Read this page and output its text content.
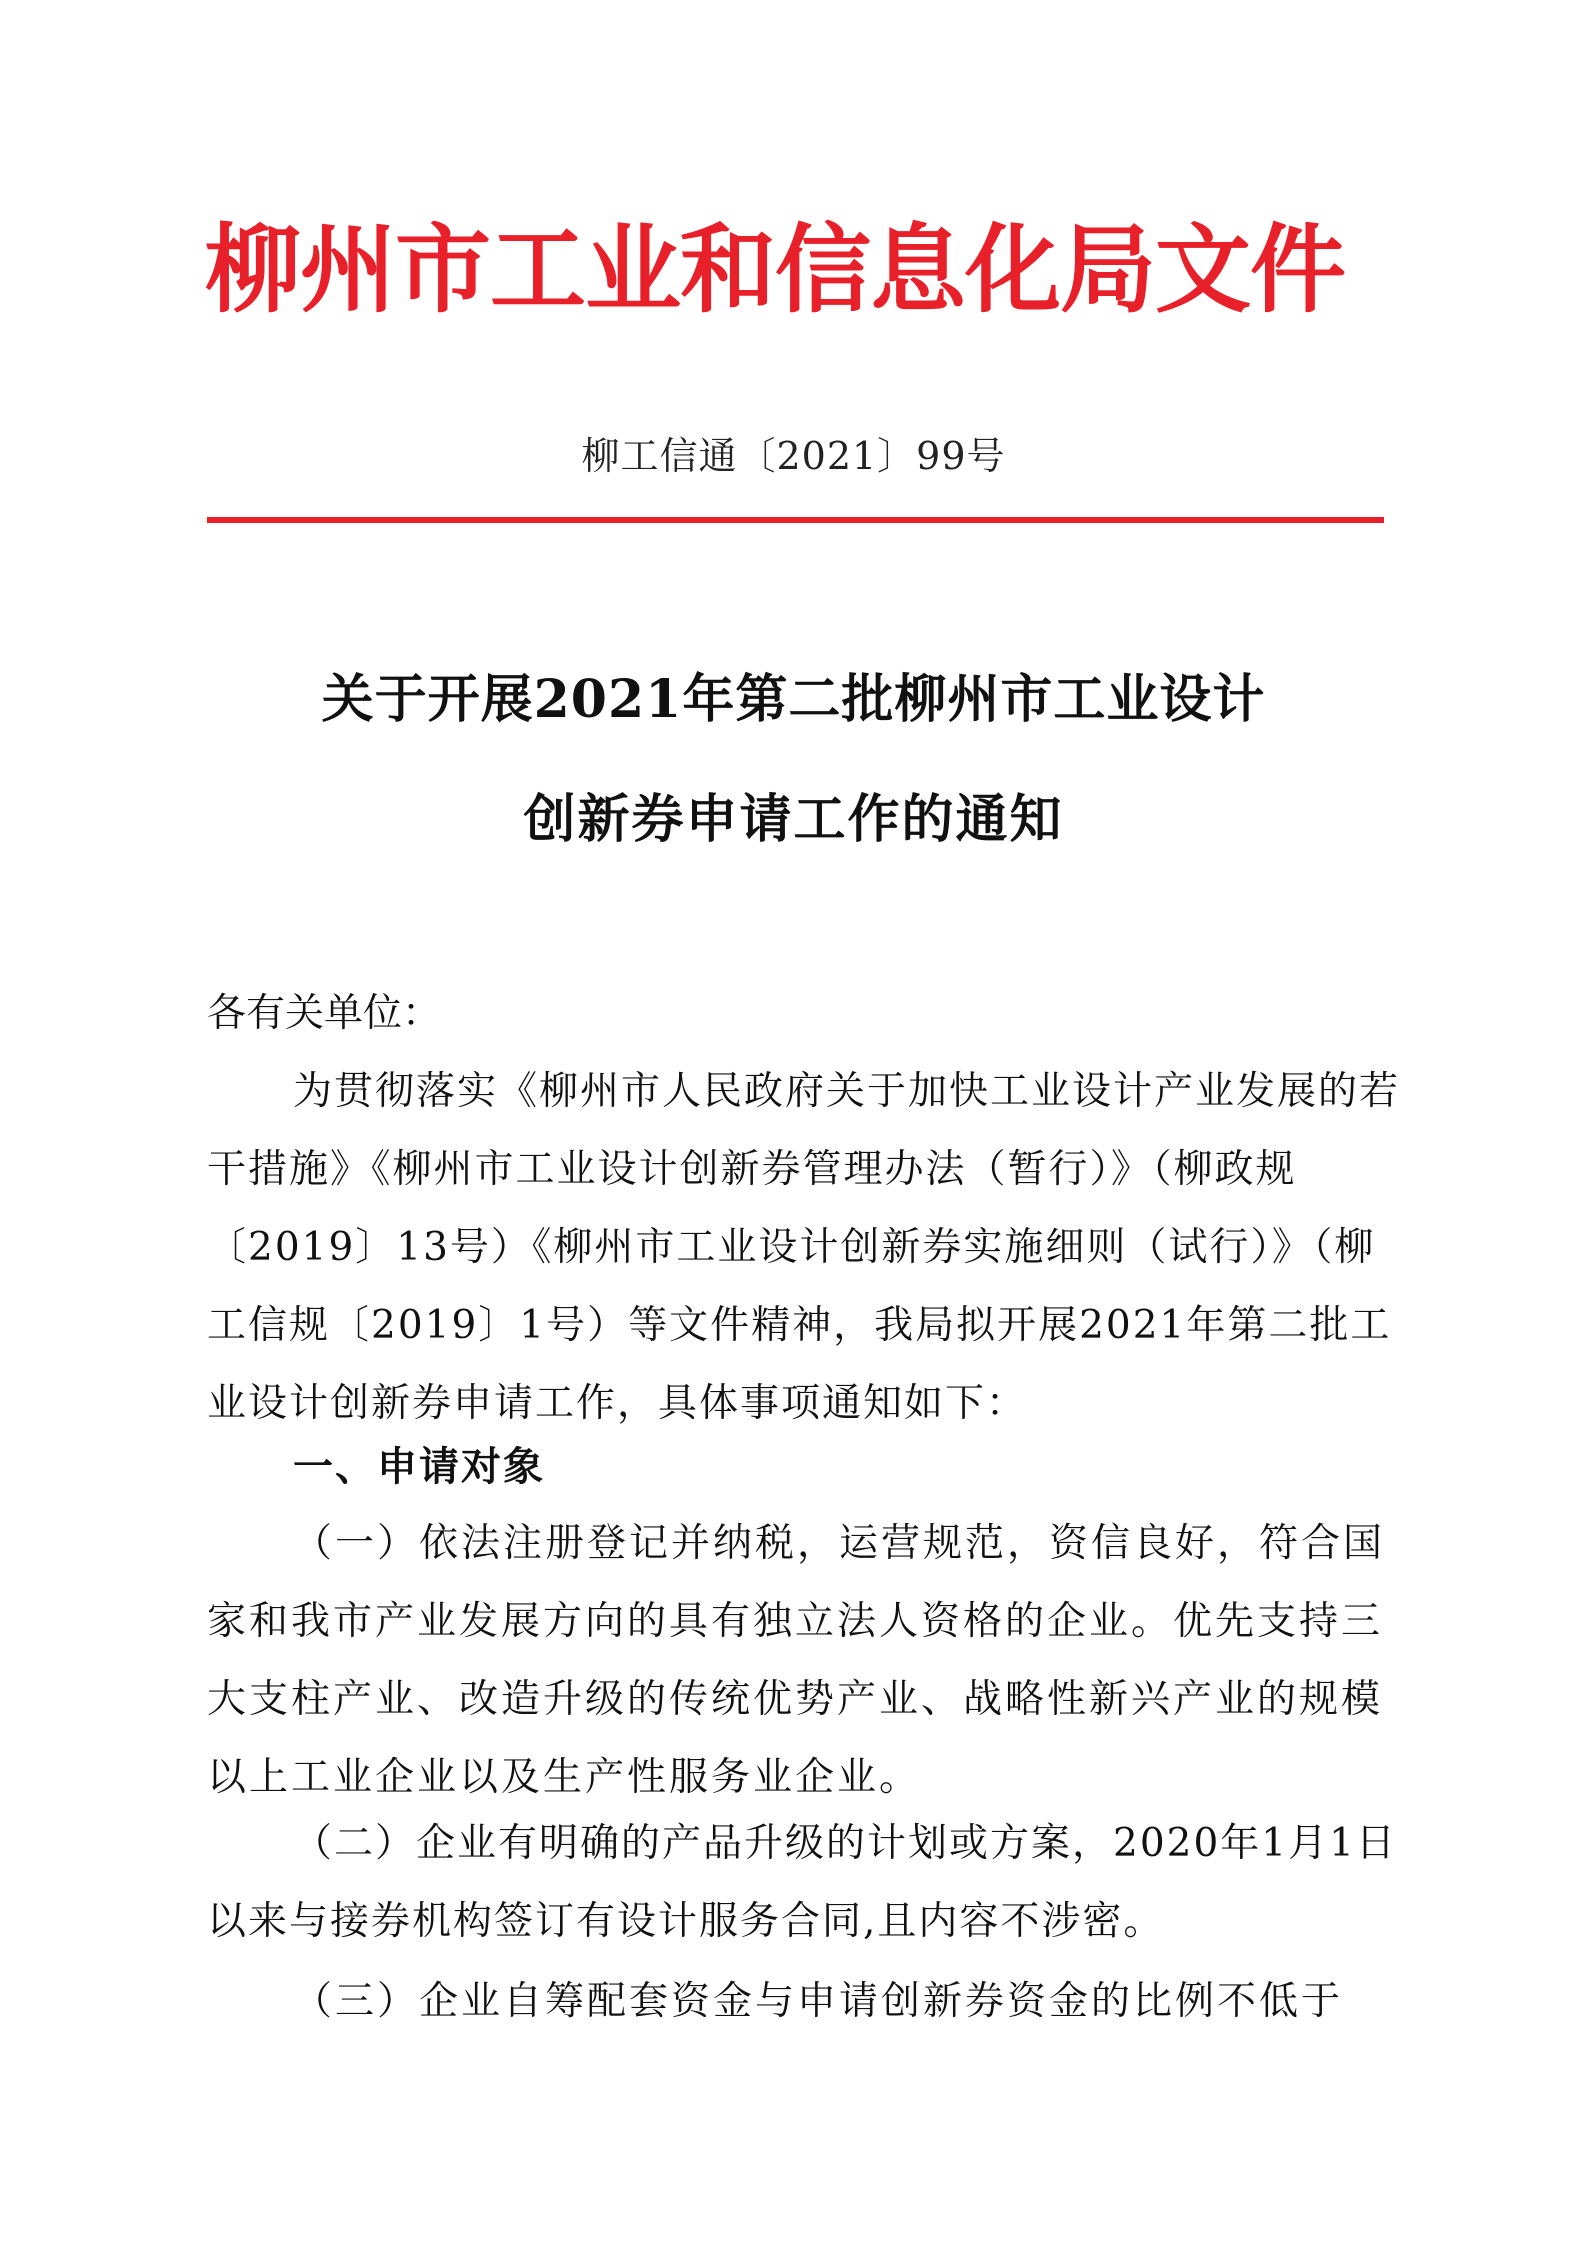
柳州市工业和信息化局文件
柳工信通〔2021〕99号
关于开展2021年第二批柳州市工业设计
创新券申请工作的通知
各有关单位：
为贯彻落实《柳州市人民政府关于加快工业设计产业发展的若干措施》《柳州市工业设计创新券管理办法（暂行）》（柳政规〔2019〕13号）《柳州市工业设计创新券实施细则（试行）》（柳工信规〔2019〕1号）等文件精神，我局拟开展2021年第二批工业设计创新券申请工作，具体事项通知如下：
一、申请对象
（一）依法注册登记并纳税，运营规范，资信良好，符合国家和我市产业发展方向的具有独立法人资格的企业。优先支持三大支柱产业、改造升级的传统优势产业、战略性新兴产业的规模以上工业企业以及生产性服务业企业。
（二）企业有明确的产品升级的计划或方案，2020年1月1日以来与接券机构签订有设计服务合同,且内容不涉密。
（三）企业自筹配套资金与申请创新券资金的比例不低于
